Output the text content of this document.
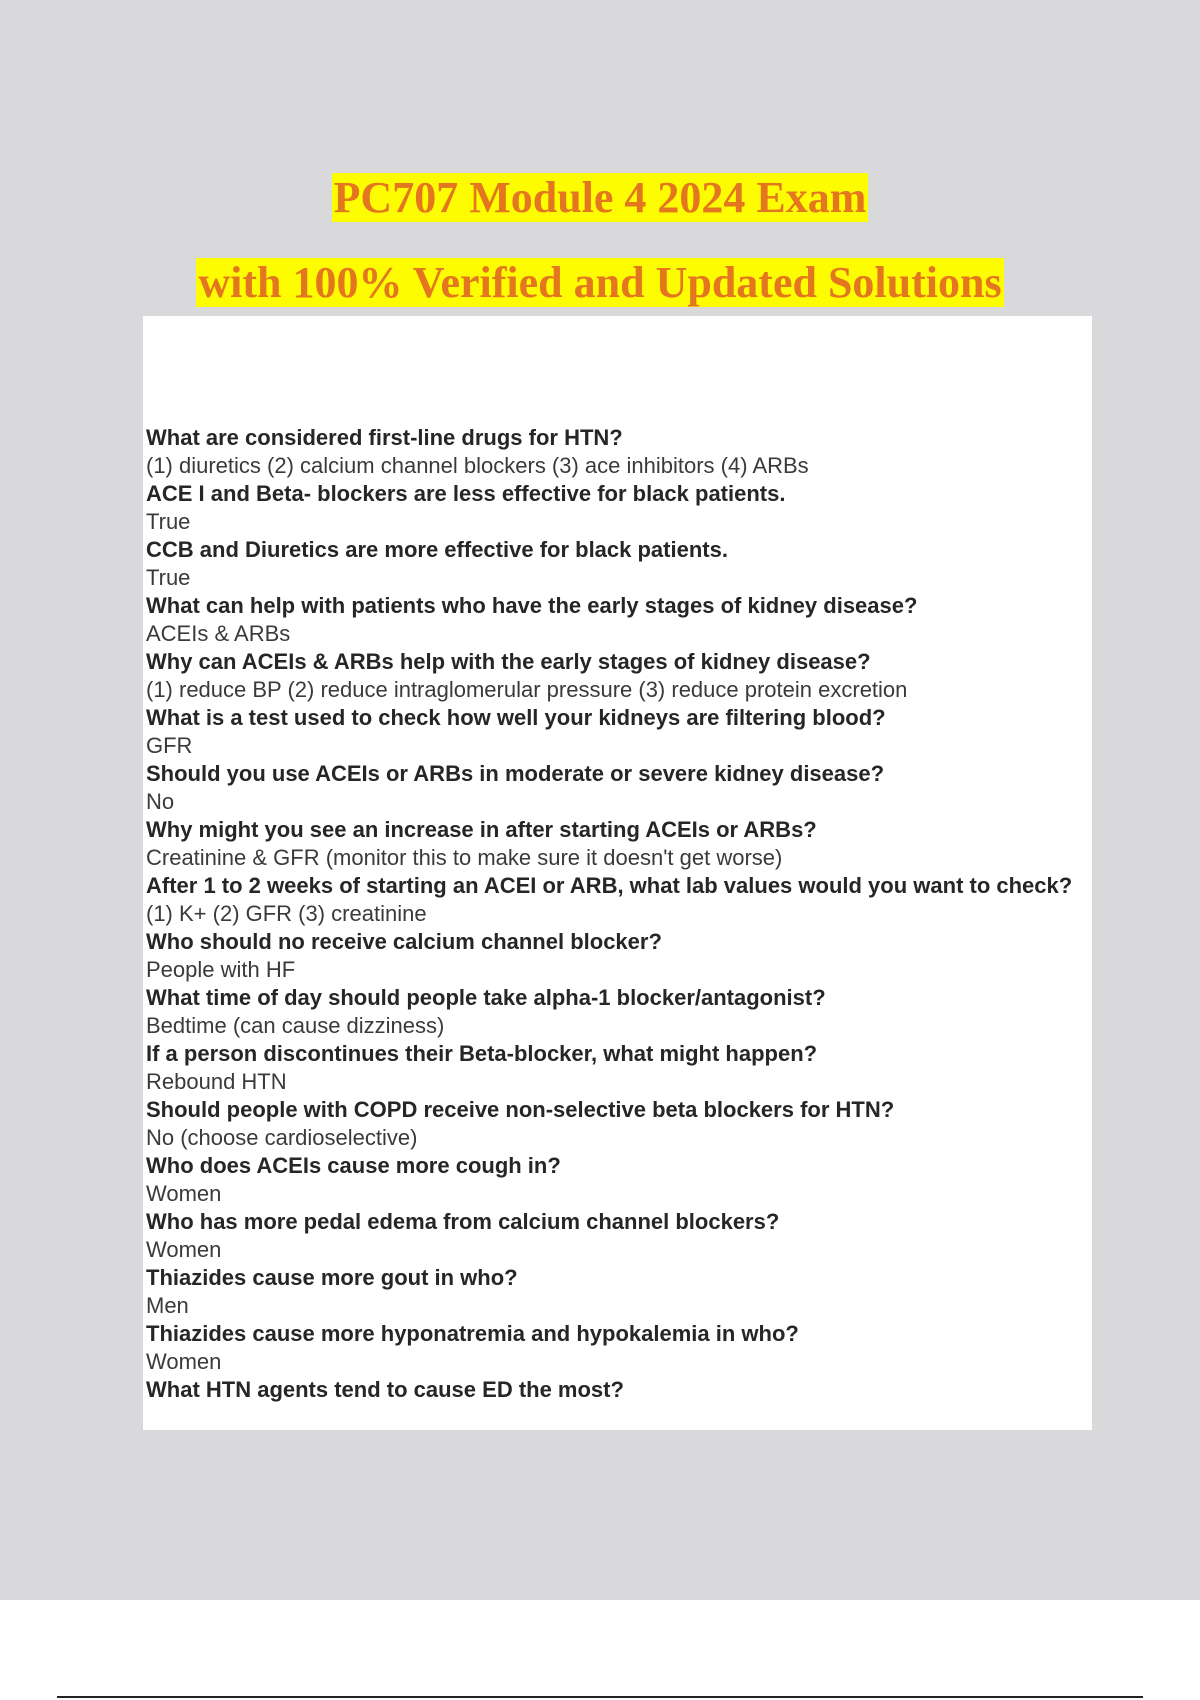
PC707 Module 4 2024 Exam
with 100% Verified and Updated Solutions
What are considered first-line drugs for HTN?
(1) diuretics (2) calcium channel blockers (3) ace inhibitors (4) ARBs
ACE I and Beta- blockers are less effective for black patients.
True
CCB and Diuretics are more effective for black patients.
True
What can help with patients who have the early stages of kidney disease?
ACEIs & ARBs
Why can ACEIs & ARBs help with the early stages of kidney disease?
(1) reduce BP (2) reduce intraglomerular pressure (3) reduce protein excretion
What is a test used to check how well your kidneys are filtering blood?
GFR
Should you use ACEIs or ARBs in moderate or severe kidney disease?
No
Why might you see an increase in after starting ACEIs or ARBs?
Creatinine & GFR (monitor this to make sure it doesn't get worse)
After 1 to 2 weeks of starting an ACEI or ARB, what lab values would you want to check?
(1) K+ (2) GFR (3) creatinine
Who should no receive calcium channel blocker?
People with HF
What time of day should people take alpha-1 blocker/antagonist?
Bedtime (can cause dizziness)
If a person discontinues their Beta-blocker, what might happen?
Rebound HTN
Should people with COPD receive non-selective beta blockers for HTN?
No (choose cardioselective)
Who does ACEIs cause more cough in?
Women
Who has more pedal edema from calcium channel blockers?
Women
Thiazides cause more gout in who?
Men
Thiazides cause more hyponatremia and hypokalemia in who?
Women
What HTN agents tend to cause ED the most?
